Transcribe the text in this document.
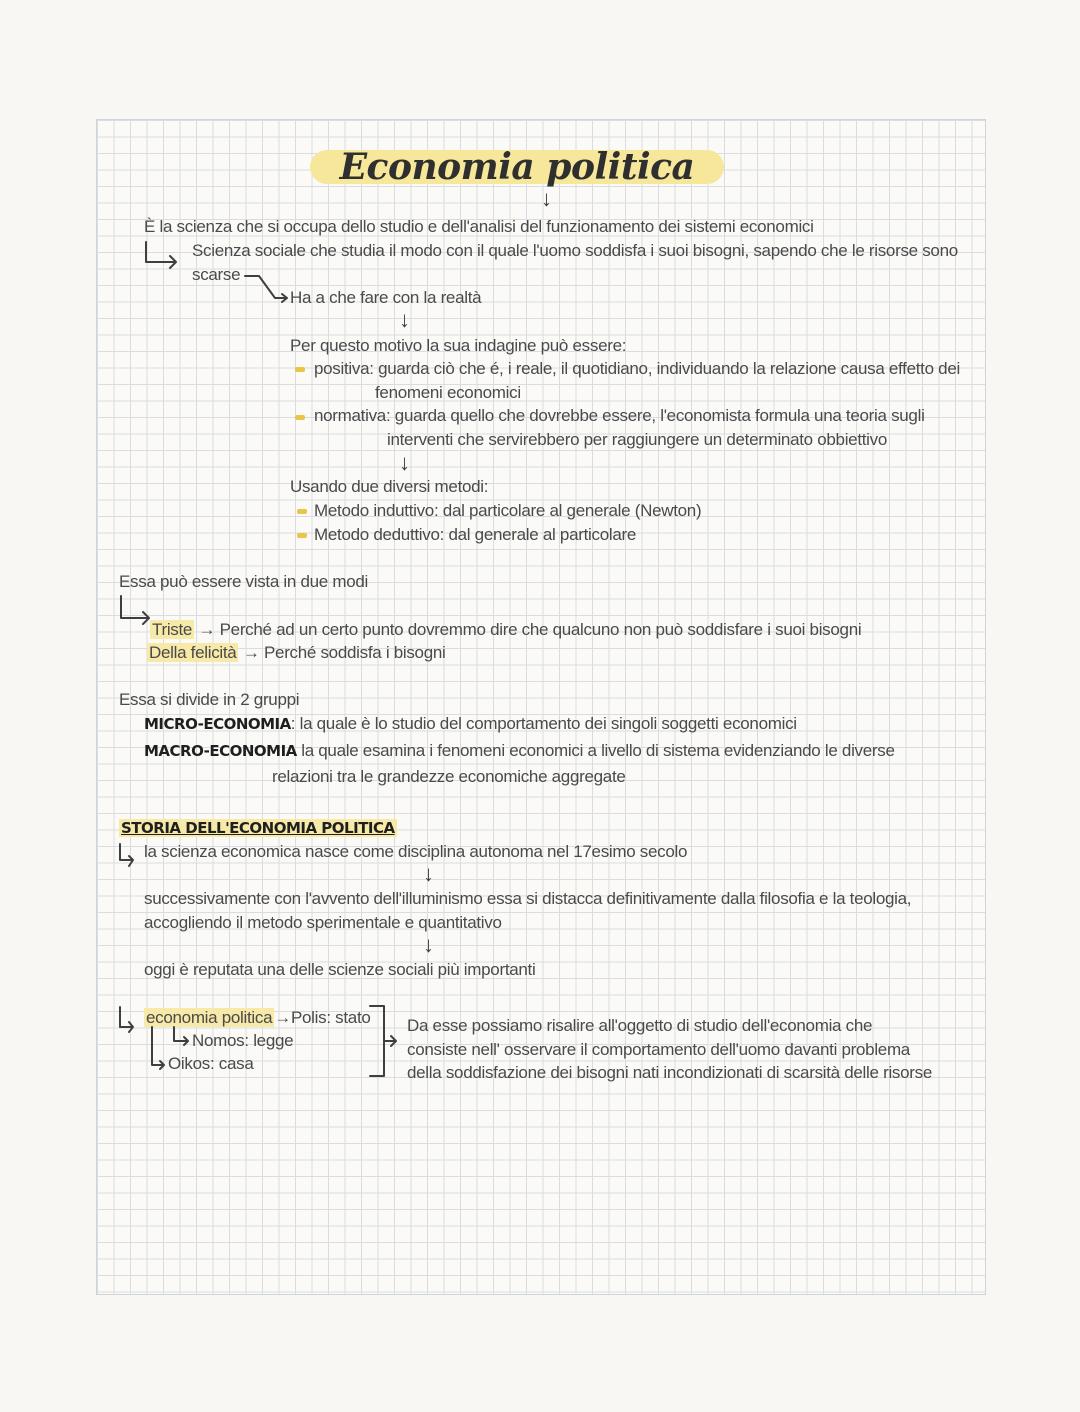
Economia politica
↓
È la scienza che si occupa dello studio e dell'analisi del funzionamento dei sistemi economici
Scienza sociale che studia il modo con il quale l'uomo soddisfa i suoi bisogni, sapendo che le risorse sono
scarse
Ha a che fare con la realtà
↓
Per questo motivo la sua indagine può essere:
positiva: guarda ciò che é, i reale, il quotidiano, individuando la relazione causa effetto dei
fenomeni economici
normativa: guarda quello che dovrebbe essere, l'economista formula una teoria sugli
interventi che servirebbero per raggiungere un determinato obbiettivo
↓
Usando due diversi metodi:
Metodo induttivo: dal particolare al generale (Newton)
Metodo deduttivo: dal generale al particolare
Essa può essere vista in due modi
Triste → Perché ad un certo punto dovremmo dire che qualcuno non può soddisfare i suoi bisogni
Della felicità → Perché soddisfa i bisogni
Essa si divide in 2 gruppi
MICRO-ECONOMIA: la quale è lo studio del comportamento dei singoli soggetti economici
MACRO-ECONOMIA la quale esamina i fenomeni economici a livello di sistema evidenziando le diverse
relazioni tra le grandezze economiche aggregate
STORIA DELL'ECONOMIA POLITICA
la scienza economica nasce come disciplina autonoma nel 17esimo secolo
↓
successivamente con l'avvento dell'illuminismo essa si distacca definitivamente dalla filosofia e la teologia,
accogliendo il metodo sperimentale e quantitativo
↓
oggi è reputata una delle scienze sociali più importanti
economia politica →Polis: stato
Nomos: legge
Oikos: casa
Da esse possiamo risalire all'oggetto di studio dell'economia che
consiste nell' osservare il comportamento dell'uomo davanti problema
della soddisfazione dei bisogni nati incondizionati di scarsità delle risorse
